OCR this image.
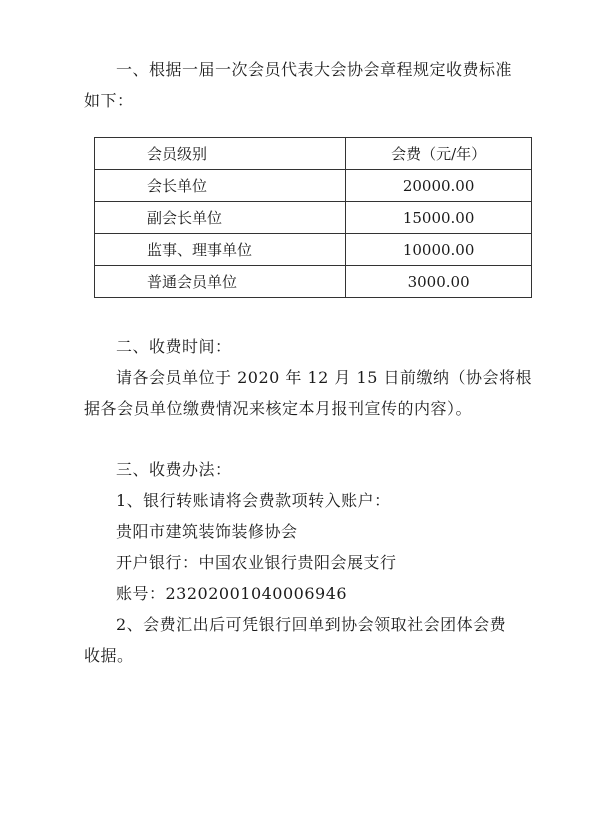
一、根据一届一次会员代表大会协会章程规定收费标准
如下：
会员级别	会费（元/年）
会长单位	20000.00
副会长单位	15000.00
监事、理事单位	10000.00
普通会员单位	3000.00
二、收费时间：
请各会员单位于 2020 年 12 月 15 日前缴纳（协会将根
据各会员单位缴费情况来核定本月报刊宣传的内容）。
三、收费办法：
1、银行转账请将会费款项转入账户：
贵阳市建筑装饰装修协会
开户银行：中国农业银行贵阳会展支行
账号：23202001040006946
2、会费汇出后可凭银行回单到协会领取社会团体会费
收据。
